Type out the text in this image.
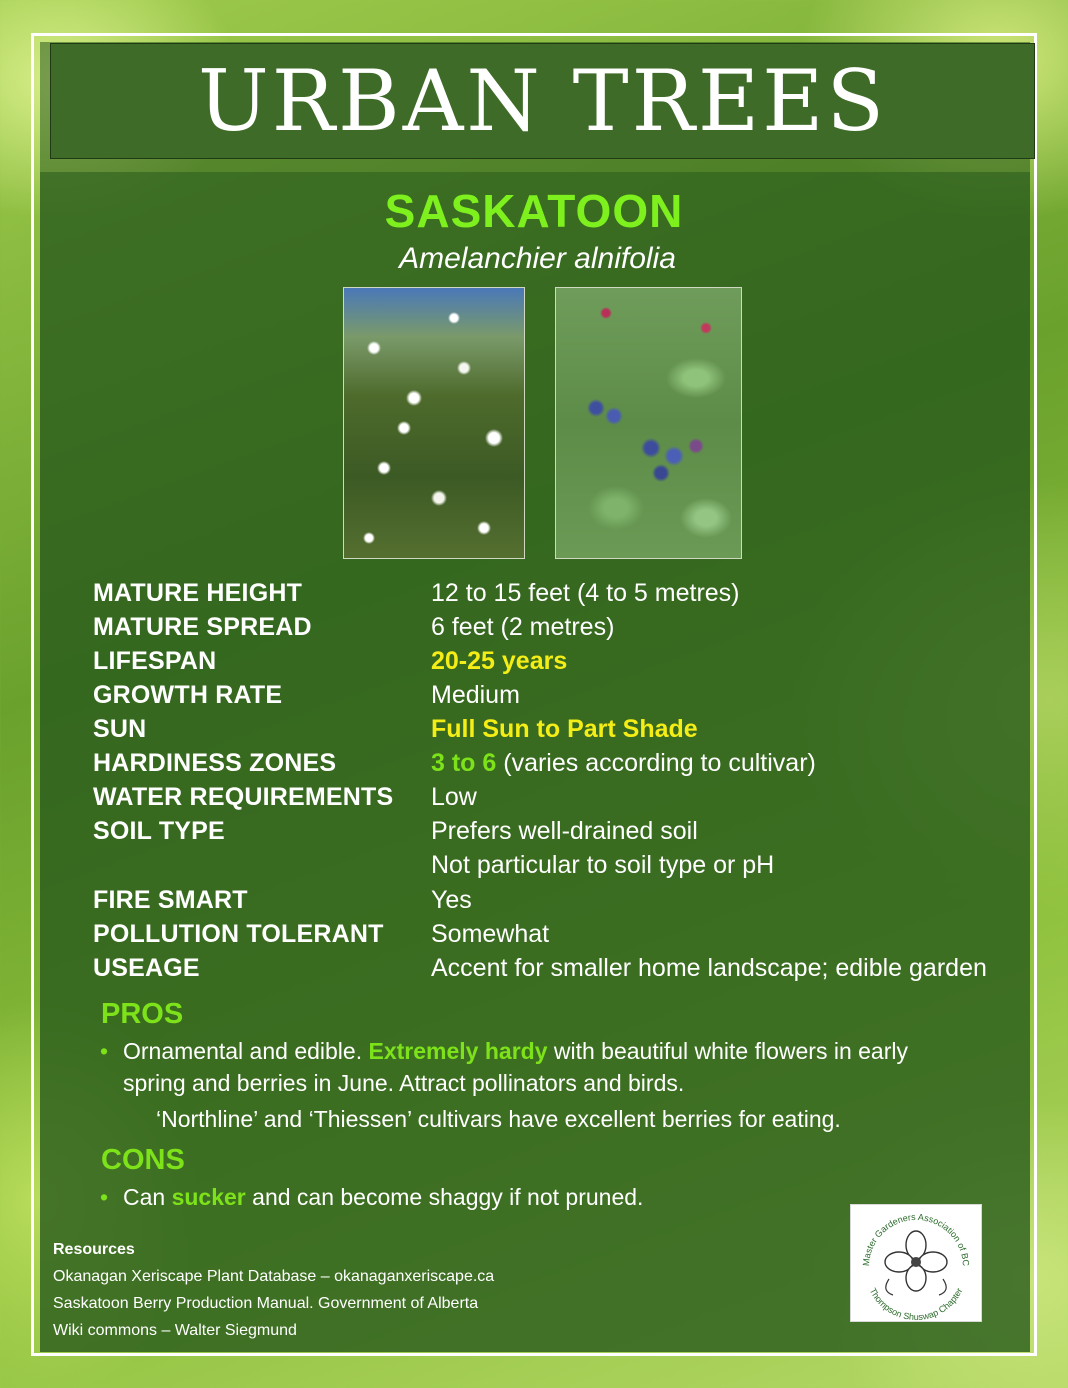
URBAN TREES
SASKATOON
Amelanchier alnifolia
MATURE HEIGHT	12 to 15 feet (4 to 5 metres)
MATURE SPREAD	6 feet (2 metres)
LIFESPAN	20-25 years
GROWTH RATE	Medium
SUN	Full Sun to Part Shade
HARDINESS ZONES	3 to 6 (varies according to cultivar)
WATER REQUIREMENTS	Low
SOIL TYPE	Prefers well-drained soil
Not particular to soil type or pH
FIRE SMART	Yes
POLLUTION TOLERANT	Somewhat
USEAGE	Accent for smaller home landscape; edible garden
PROS
• Ornamental and edible. Extremely hardy with beautiful white flowers in early spring and berries in June. Attract pollinators and birds.
‘Northline’ and ‘Thiessen’ cultivars have excellent berries for eating.
CONS
• Can sucker and can become shaggy if not pruned.
Resources
Okanagan Xeriscape Plant Database – okanaganxeriscape.ca
Saskatoon Berry Production Manual. Government of Alberta
Wiki commons – Walter Siegmund
Master Gardeners Association of BC
Thompson Shuswap Chapter
